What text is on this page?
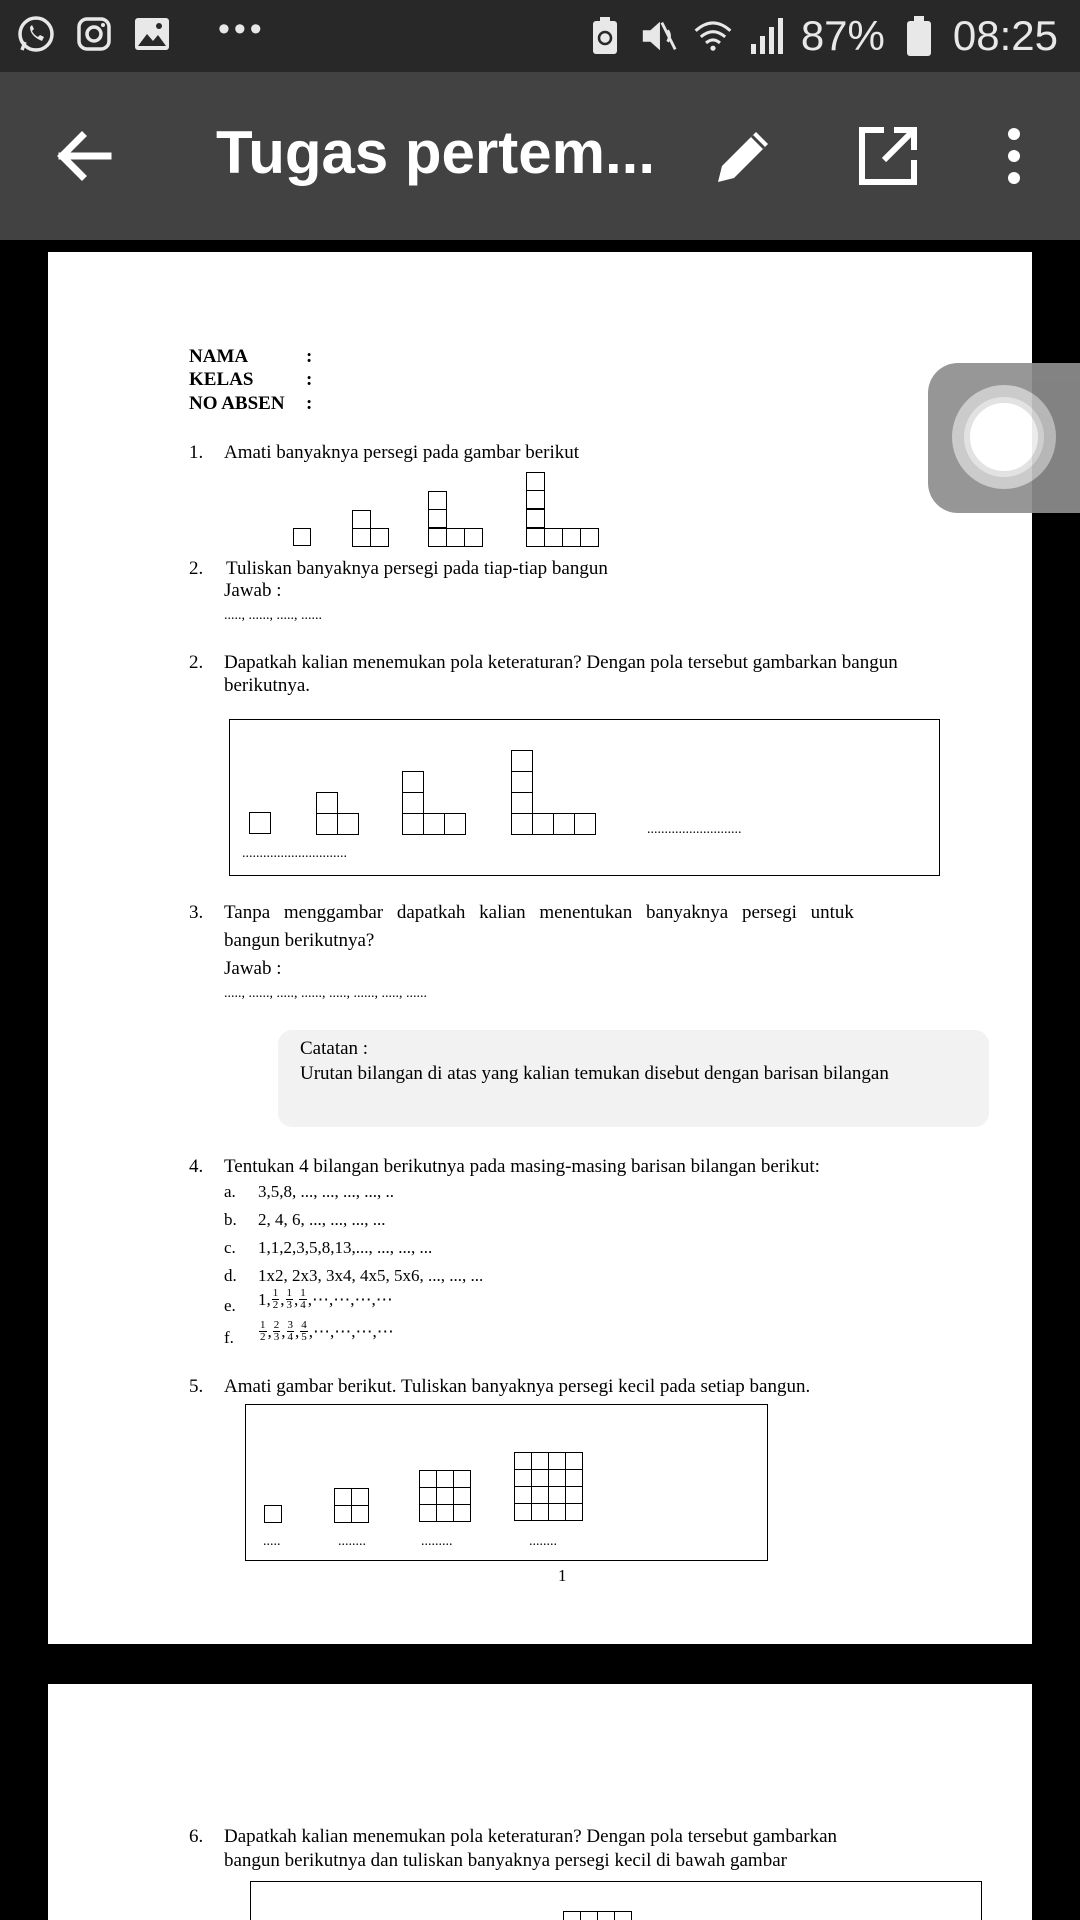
•••	87% 08:25
Tugas pertem...
NAMA	:
KELAS	:
NO ABSEN :
1. Amati banyaknya persegi pada gambar berikut
2. Tuliskan banyaknya persegi pada tiap-tiap bangun
Jawab :
....., ......, ....., ......
2. Dapatkah kalian menemukan pola keteraturan? Dengan pola tersebut gambarkan bangun
berikutnya.
...........................
..............................
3. Tanpa menggambar dapatkah kalian menentukan banyaknya persegi untuk
bangun berikutnya?
Jawab :
....., ......, ....., ......, ....., ......, ....., ......
Catatan :
Urutan bilangan di atas yang kalian temukan disebut dengan barisan bilangan
4. Tentukan 4 bilangan berikutnya pada masing-masing barisan bilangan berikut:
a. 3,5,8, ..., ..., ..., ..., ..
b. 2, 4, 6, ..., ..., ..., ...
c. 1,1,2,3,5,8,13,..., ..., ..., ...
d. 1x2, 2x3, 3x4, 4x5, 5x6, ..., ..., ...
e. 1, $\frac{1}{2}$ , $\frac{1}{3}$ , $\frac{1}{4}$ ,⋯,⋯,⋯,⋯
f. $\frac{1}{2}$ , $\frac{2}{3}$ , $\frac{3}{4}$ , $\frac{4}{5}$ ,⋯,⋯,⋯,⋯
5. Amati gambar berikut. Tuliskan banyaknya persegi kecil pada setiap bangun.
.....	........	.........	........
1
6. Dapatkah kalian menemukan pola keteraturan? Dengan pola tersebut gambarkan
bangun berikutnya dan tuliskan banyaknya persegi kecil di bawah gambar
